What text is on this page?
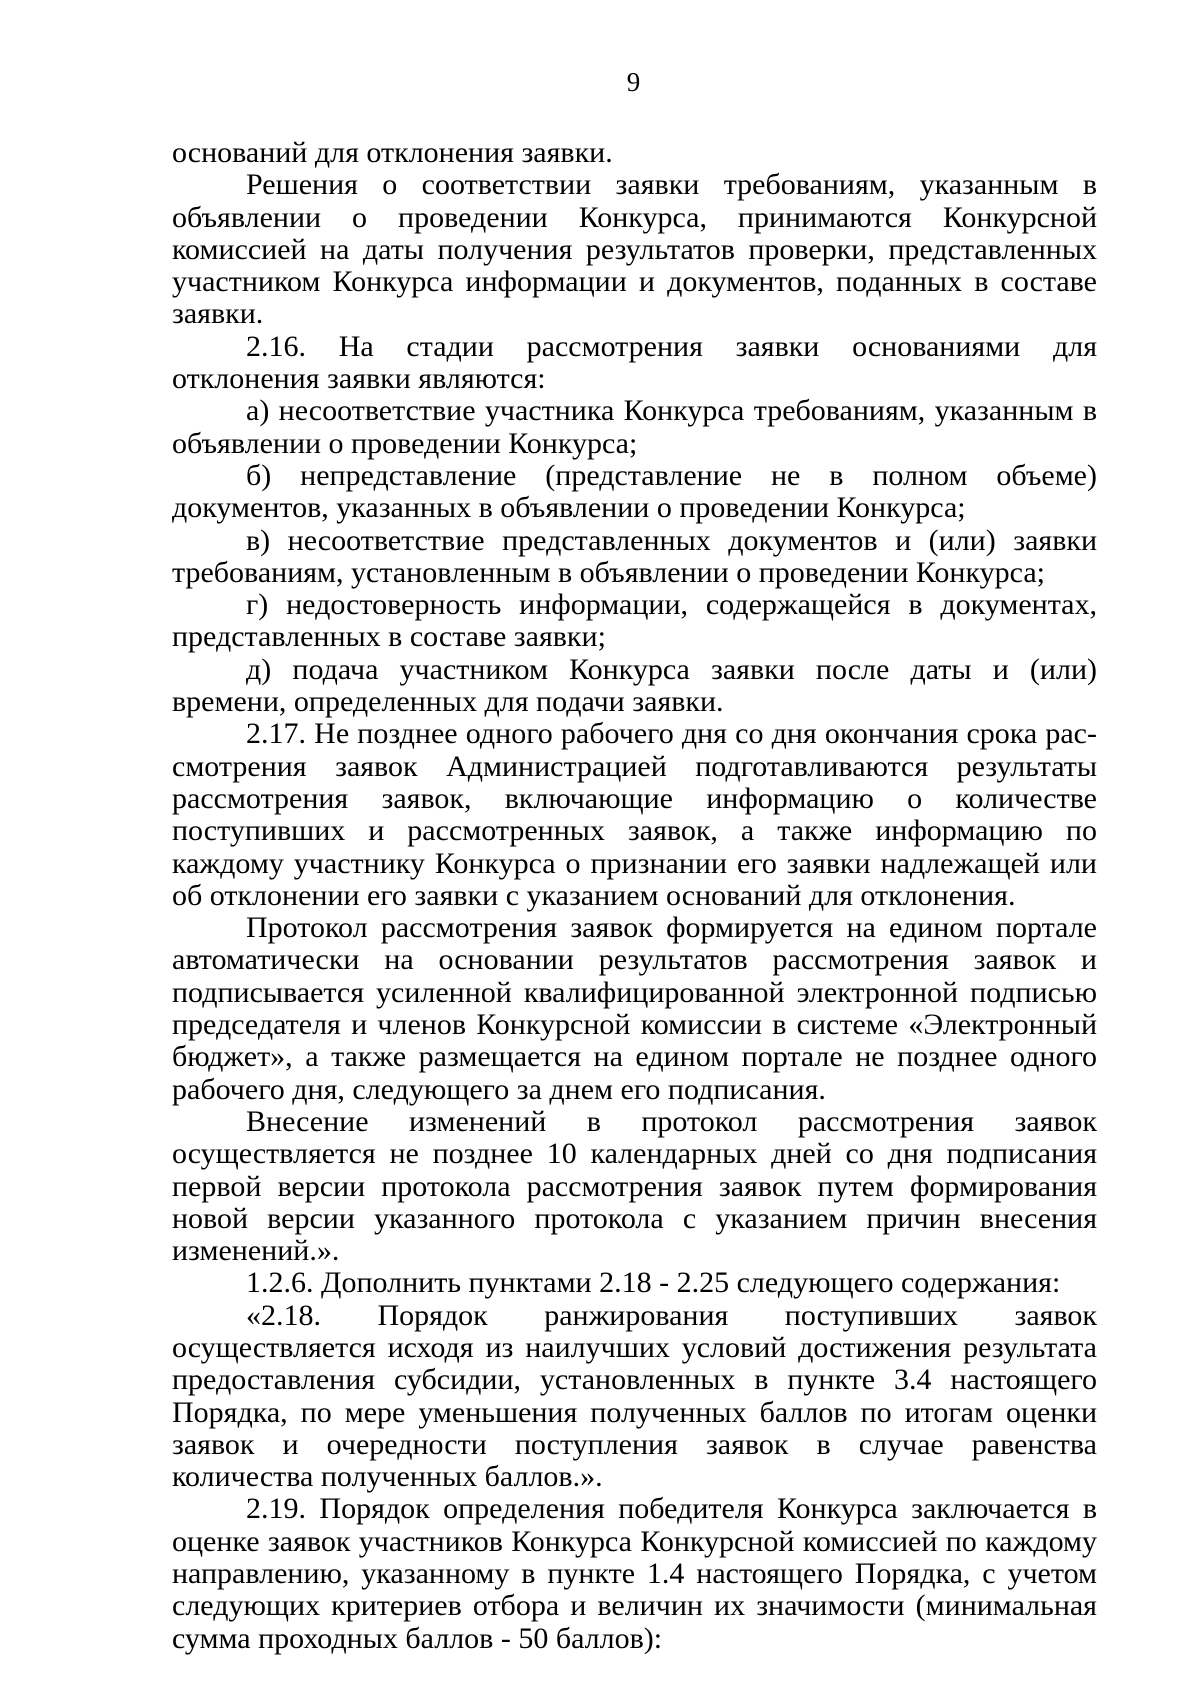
9

оснований для отклонения заявки.

Решения о соответствии заявки требованиям, указанным в объявлении о проведении Конкурса, принимаются Конкурсной комиссией на даты получения результатов проверки, представленных участником Конкурса информации и документов, поданных в составе заявки.

2.16. На стадии рассмотрения заявки основаниями для отклонения заявки являются:

а) несоответствие участника Конкурса требованиям, указанным в объявлении о проведении Конкурса;

б) непредставление (представление не в полном объеме) документов, указанных в объявлении о проведении Конкурса;

в) несоответствие представленных документов и (или) заявки требованиям, установленным в объявлении о проведении Конкурса;

г) недостоверность информации, содержащейся в документах, представленных в составе заявки;

д) подача участником Конкурса заявки после даты и (или) времени, определенных для подачи заявки.

2.17. Не позднее одного рабочего дня со дня окончания срока рассмотрения заявок Администрацией подготавливаются результаты рассмотрения заявок, включающие информацию о количестве поступивших и рассмотренных заявок, а также информацию по каждому участнику Конкурса о признании его заявки надлежащей или об отклонении его заявки с указанием оснований для отклонения.

Протокол рассмотрения заявок формируется на едином портале автоматически на основании результатов рассмотрения заявок и подписывается усиленной квалифицированной электронной подписью председателя и членов Конкурсной комиссии в системе «Электронный бюджет», а также размещается на едином портале не позднее одного рабочего дня, следующего за днем его подписания.

Внесение изменений в протокол рассмотрения заявок осуществляется не позднее 10 календарных дней со дня подписания первой версии протокола рассмотрения заявок путем формирования новой версии указанного протокола с указанием причин внесения изменений.».

1.2.6. Дополнить пунктами 2.18 - 2.25 следующего содержания:

«2.18. Порядок ранжирования поступивших заявок осуществляется исходя из наилучших условий достижения результата предоставления субсидии, установленных в пункте 3.4 настоящего Порядка, по мере уменьшения полученных баллов по итогам оценки заявок и очередности поступления заявок в случае равенства количества полученных баллов.».

2.19. Порядок определения победителя Конкурса заключается в оценке заявок участников Конкурса Конкурсной комиссией по каждому направлению, указанному в пункте 1.4 настоящего Порядка, с учетом следующих критериев отбора и величин их значимости (минимальная сумма проходных баллов - 50 баллов):
